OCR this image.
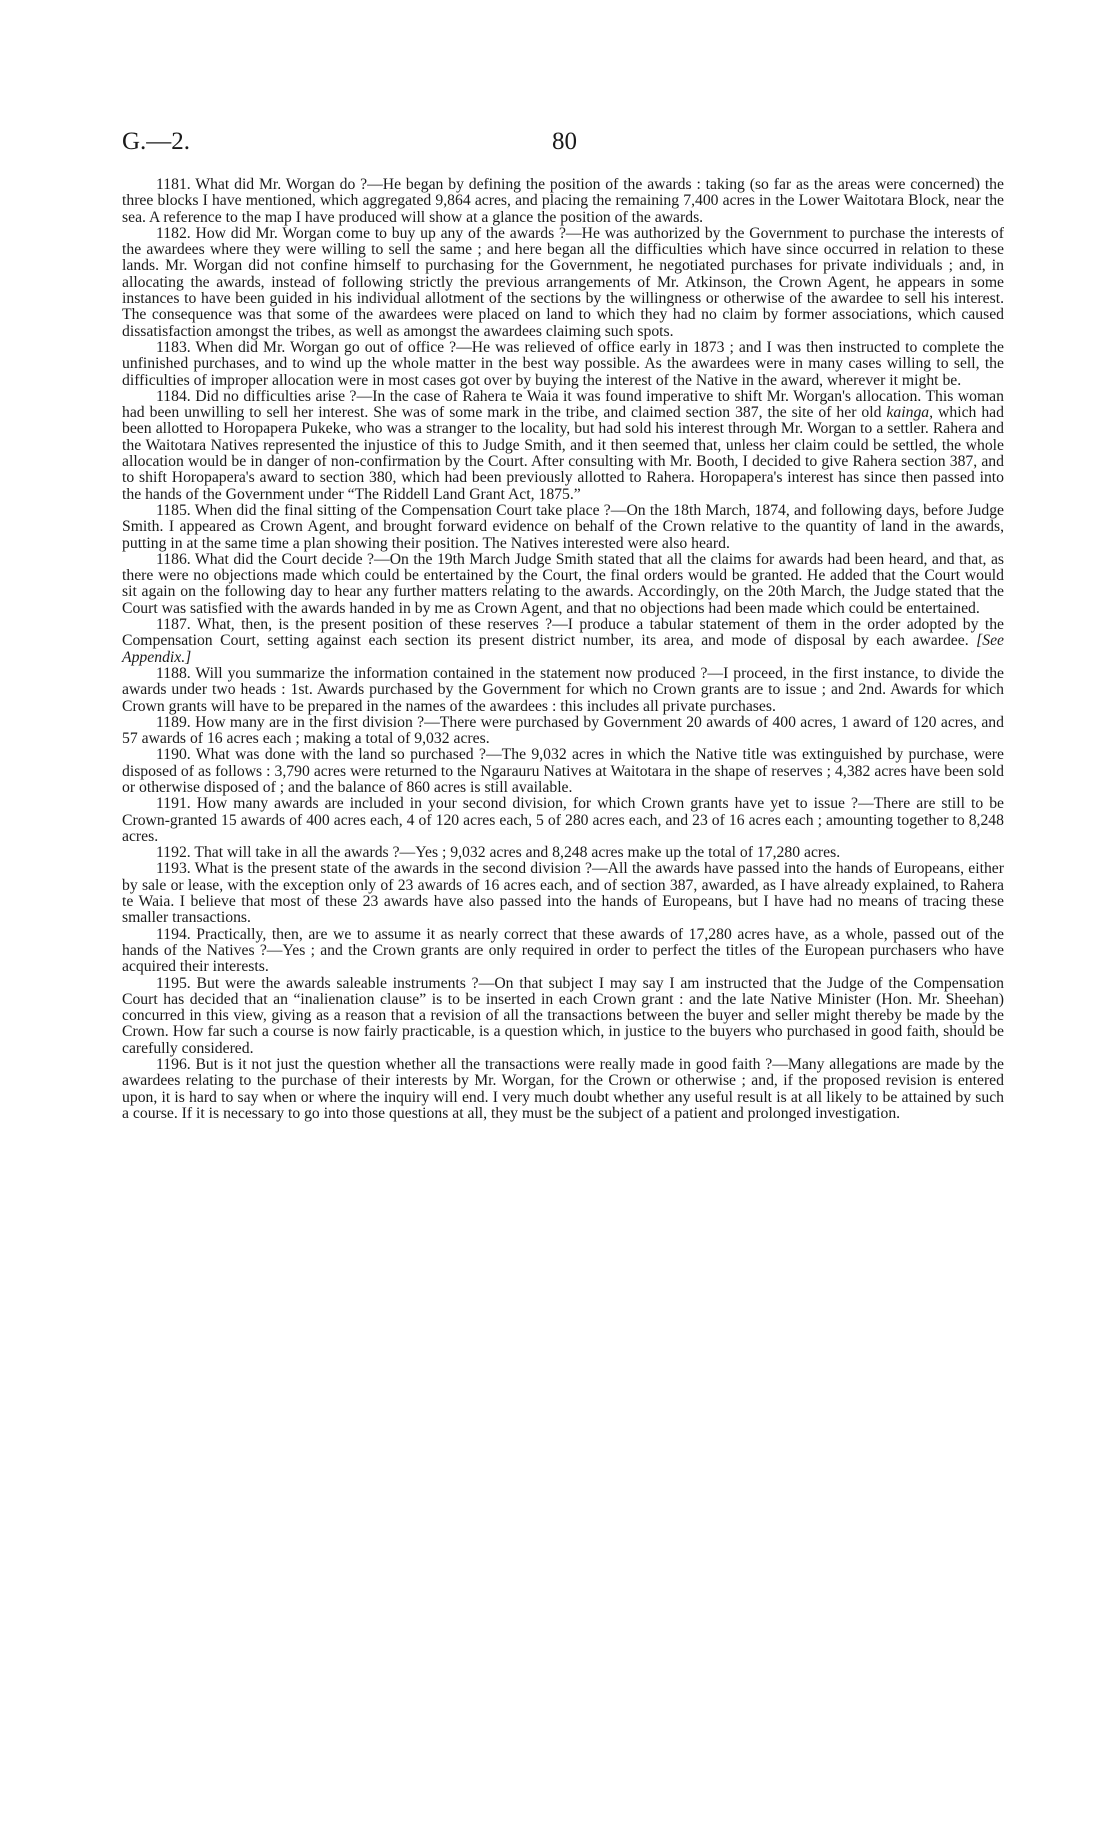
G.—2.	80

1181. What did Mr. Worgan do ?—He began by defining the position of the awards : taking (so far as the areas were concerned) the three blocks I have mentioned, which aggregated 9,864 acres, and placing the remaining 7,400 acres in the Lower Waitotara Block, near the sea. A reference to the map I have produced will show at a glance the position of the awards.

1182. How did Mr. Worgan come to buy up any of the awards ?—He was authorized by the Government to purchase the interests of the awardees where they were willing to sell the same ; and here began all the difficulties which have since occurred in relation to these lands. Mr. Worgan did not confine himself to purchasing for the Government, he negotiated purchases for private individuals ; and, in allocating the awards, instead of following strictly the previous arrangements of Mr. Atkinson, the Crown Agent, he appears in some instances to have been guided in his individual allotment of the sections by the willingness or otherwise of the awardee to sell his interest. The consequence was that some of the awardees were placed on land to which they had no claim by former associations, which caused dissatisfaction amongst the tribes, as well as amongst the awardees claiming such spots.

1183. When did Mr. Worgan go out of office ?—He was relieved of office early in 1873 ; and I was then instructed to complete the unfinished purchases, and to wind up the whole matter in the best way possible. As the awardees were in many cases willing to sell, the difficulties of improper allocation were in most cases got over by buying the interest of the Native in the award, wherever it might be.

1184. Did no difficulties arise ?—In the case of Rahera te Waia it was found imperative to shift Mr. Worgan's allocation. This woman had been unwilling to sell her interest. She was of some mark in the tribe, and claimed section 387, the site of her old kainga, which had been allotted to Horopapera Pukeke, who was a stranger to the locality, but had sold his interest through Mr. Worgan to a settler. Rahera and the Waitotara Natives represented the injustice of this to Judge Smith, and it then seemed that, unless her claim could be settled, the whole allocation would be in danger of non-confirmation by the Court. After consulting with Mr. Booth, I decided to give Rahera section 387, and to shift Horopapera's award to section 380, which had been previously allotted to Rahera. Horopapera's interest has since then passed into the hands of the Government under “The Riddell Land Grant Act, 1875.”

1185. When did the final sitting of the Compensation Court take place ?—On the 18th March, 1874, and following days, before Judge Smith. I appeared as Crown Agent, and brought forward evidence on behalf of the Crown relative to the quantity of land in the awards, putting in at the same time a plan showing their position. The Natives interested were also heard.

1186. What did the Court decide ?—On the 19th March Judge Smith stated that all the claims for awards had been heard, and that, as there were no objections made which could be entertained by the Court, the final orders would be granted. He added that the Court would sit again on the following day to hear any further matters relating to the awards. Accordingly, on the 20th March, the Judge stated that the Court was satisfied with the awards handed in by me as Crown Agent, and that no objections had been made which could be entertained.

1187. What, then, is the present position of these reserves ?—I produce a tabular statement of them in the order adopted by the Compensation Court, setting against each section its present district number, its area, and mode of disposal by each awardee. [See Appendix.]

1188. Will you summarize the information contained in the statement now produced ?—I proceed, in the first instance, to divide the awards under two heads : 1st. Awards purchased by the Government for which no Crown grants are to issue ; and 2nd. Awards for which Crown grants will have to be prepared in the names of the awardees : this includes all private purchases.

1189. How many are in the first division ?—There were purchased by Government 20 awards of 400 acres, 1 award of 120 acres, and 57 awards of 16 acres each ; making a total of 9,032 acres.

1190. What was done with the land so purchased ?—The 9,032 acres in which the Native title was extinguished by purchase, were disposed of as follows : 3,790 acres were returned to the Ngarauru Natives at Waitotara in the shape of reserves ; 4,382 acres have been sold or otherwise disposed of ; and the balance of 860 acres is still available.

1191. How many awards are included in your second division, for which Crown grants have yet to issue ?—There are still to be Crown-granted 15 awards of 400 acres each, 4 of 120 acres each, 5 of 280 acres each, and 23 of 16 acres each ; amounting together to 8,248 acres.

1192. That will take in all the awards ?—Yes ; 9,032 acres and 8,248 acres make up the total of 17,280 acres.

1193. What is the present state of the awards in the second division ?—All the awards have passed into the hands of Europeans, either by sale or lease, with the exception only of 23 awards of 16 acres each, and of section 387, awarded, as I have already explained, to Rahera te Waia. I believe that most of these 23 awards have also passed into the hands of Europeans, but I have had no means of tracing these smaller transactions.

1194. Practically, then, are we to assume it as nearly correct that these awards of 17,280 acres have, as a whole, passed out of the hands of the Natives ?—Yes ; and the Crown grants are only required in order to perfect the titles of the European purchasers who have acquired their interests.

1195. But were the awards saleable instruments ?—On that subject I may say I am instructed that the Judge of the Compensation Court has decided that an “inalienation clause” is to be inserted in each Crown grant : and the late Native Minister (Hon. Mr. Sheehan) concurred in this view, giving as a reason that a revision of all the transactions between the buyer and seller might thereby be made by the Crown. How far such a course is now fairly practicable, is a question which, in justice to the buyers who purchased in good faith, should be carefully considered.

1196. But is it not just the question whether all the transactions were really made in good faith ?—Many allegations are made by the awardees relating to the purchase of their interests by Mr. Worgan, for the Crown or otherwise ; and, if the proposed revision is entered upon, it is hard to say when or where the inquiry will end. I very much doubt whether any useful result is at all likely to be attained by such a course. If it is necessary to go into those questions at all, they must be the subject of a patient and prolonged investigation.
